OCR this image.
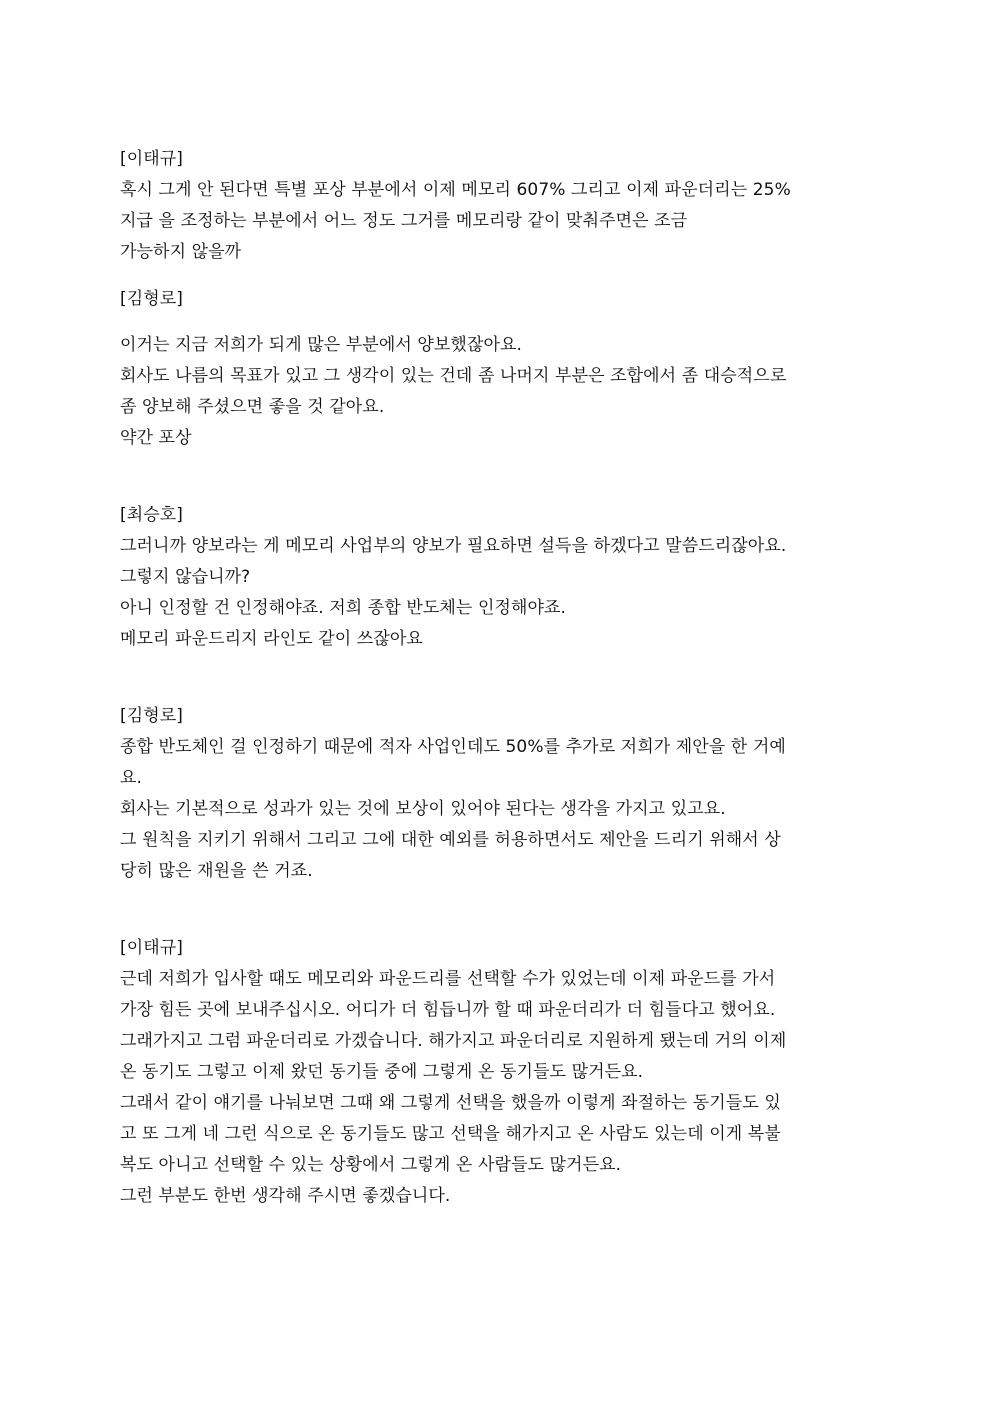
[이태규]
혹시 그게 안 된다면 특별 포상 부분에서 이제 메모리 607% 그리고 이제 파운더리는 25%
지급 을 조정하는 부분에서 어느 정도 그거를 메모리랑 같이 맞춰주면은 조금
가능하지 않을까
[김형로]
이거는 지금 저희가 되게 많은 부분에서 양보했잖아요.
회사도 나름의 목표가 있고 그 생각이 있는 건데 좀 나머지 부분은 조합에서 좀 대승적으로
좀 양보해 주셨으면 좋을 것 같아요.
약간 포상
[최승호]
그러니까 양보라는 게 메모리 사업부의 양보가 필요하면 설득을 하겠다고 말씀드리잖아요.
그렇지 않습니까?
아니 인정할 건 인정해야죠. 저희 종합 반도체는 인정해야죠.
메모리 파운드리지 라인도 같이 쓰잖아요
[김형로]
종합 반도체인 걸 인정하기 때문에 적자 사업인데도 50%를 추가로 저희가 제안을 한 거예
요.
회사는 기본적으로 성과가 있는 것에 보상이 있어야 된다는 생각을 가지고 있고요.
그 원칙을 지키기 위해서 그리고 그에 대한 예외를 허용하면서도 제안을 드리기 위해서 상
당히 많은 재원을 쓴 거죠.
[이태규]
근데 저희가 입사할 때도 메모리와 파운드리를 선택할 수가 있었는데 이제 파운드를 가서
가장 힘든 곳에 보내주십시오. 어디가 더 힘듭니까 할 때 파운더리가 더 힘들다고 했어요.
그래가지고 그럼 파운더리로 가겠습니다. 해가지고 파운더리로 지원하게 됐는데 거의 이제
온 동기도 그렇고 이제 왔던 동기들 중에 그렇게 온 동기들도 많거든요.
그래서 같이 얘기를 나눠보면 그때 왜 그렇게 선택을 했을까 이렇게 좌절하는 동기들도 있
고 또 그게 네 그런 식으로 온 동기들도 많고 선택을 해가지고 온 사람도 있는데 이게 복불
복도 아니고 선택할 수 있는 상황에서 그렇게 온 사람들도 많거든요.
그런 부분도 한번 생각해 주시면 좋겠습니다.
